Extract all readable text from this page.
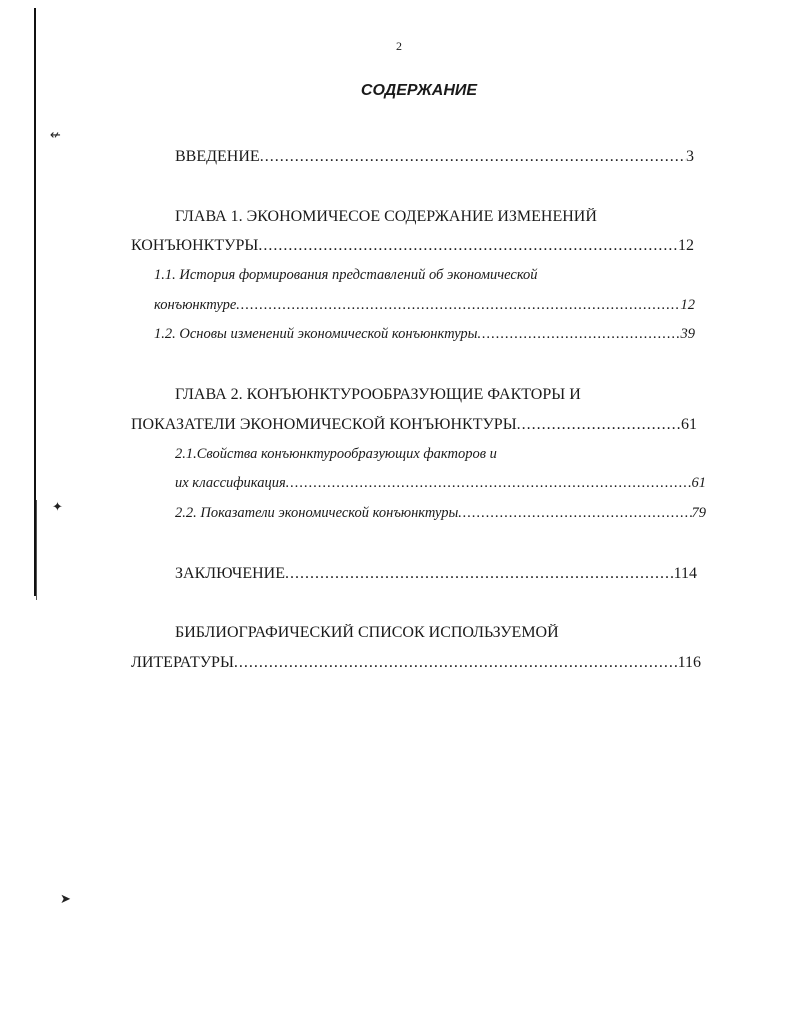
↚
✦
➤
2
СОДЕРЖАНИЕ
ВВЕДЕНИЕ .....	3
ГЛАВА 1. ЭКОНОМИЧЕСОЕ СОДЕРЖАНИЕ ИЗМЕНЕНИЙ
КОНЪЮНКТУРЫ .....	12
1.1. История формирования представлений об экономической
конъюнктуре .....	12
1.2. Основы изменений экономической конъюнктуры .....	39
ГЛАВА 2. КОНЪЮНКТУРООБРАЗУЮЩИЕ ФАКТОРЫ И
ПОКАЗАТЕЛИ ЭКОНОМИЧЕСКОЙ КОНЪЮНКТУРЫ .....	61
2.1.Свойства конъюнктурообразующих факторов и
их классификация .....	61
2.2. Показатели экономической конъюнктуры .....	79
ЗАКЛЮЧЕНИЕ .....	114
БИБЛИОГРАФИЧЕСКИЙ СПИСОК ИСПОЛЬЗУЕМОЙ
ЛИТЕРАТУРЫ .....	116
